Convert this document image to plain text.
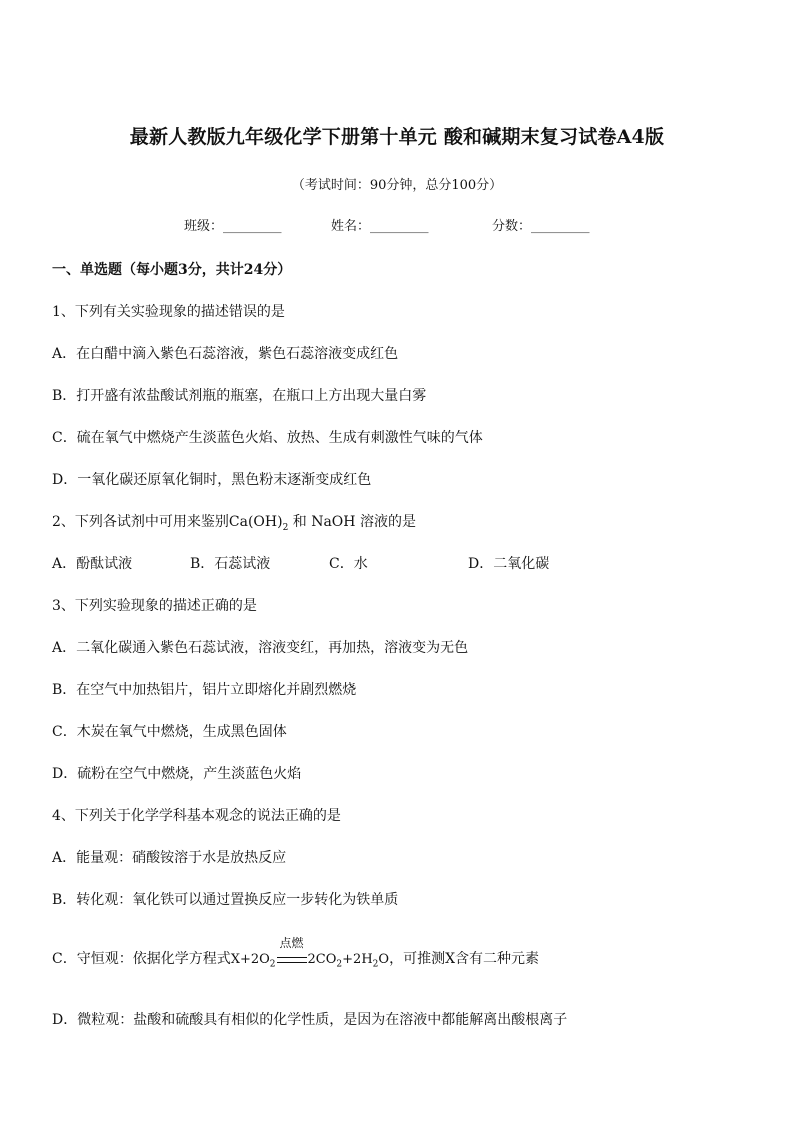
最新人教版九年级化学下册第十单元 酸和碱期末复习试卷A4版
（考试时间：90分钟，总分100分）
班级：_________	姓名：_________	分数：_________
一、单选题（每小题3分，共计24分）
1、下列有关实验现象的描述错误的是
A．在白醋中滴入紫色石蕊溶液，紫色石蕊溶液变成红色
B．打开盛有浓盐酸试剂瓶的瓶塞，在瓶口上方出现大量白雾
C．硫在氧气中燃烧产生淡蓝色火焰、放热、生成有刺激性气味的气体
D．一氧化碳还原氧化铜时，黑色粉末逐渐变成红色
2、下列各试剂中可用来鉴别$Ca(OH)_2$ 和 NaOH 溶液的是
A．酚酞试液	B．石蕊试液	C．水	D．二氧化碳
3、下列实验现象的描述正确的是
A．二氧化碳通入紫色石蕊试液，溶液变红，再加热，溶液变为无色
B．在空气中加热铝片，铝片立即熔化并剧烈燃烧
C．木炭在氧气中燃烧，生成黑色固体
D．硫粉在空气中燃烧，产生淡蓝色火焰
4、下列关于化学学科基本观念的说法正确的是
A．能量观：硝酸铵溶于水是放热反应
B．转化观：氧化铁可以通过置换反应一步转化为铁单质
C．守恒观：依据化学方程式$X+2O_2$
点燃
$2CO_2+2H_2O$，可推测X含有二种元素
D．微粒观：盐酸和硫酸具有相似的化学性质，是因为在溶液中都能解离出酸根离子
